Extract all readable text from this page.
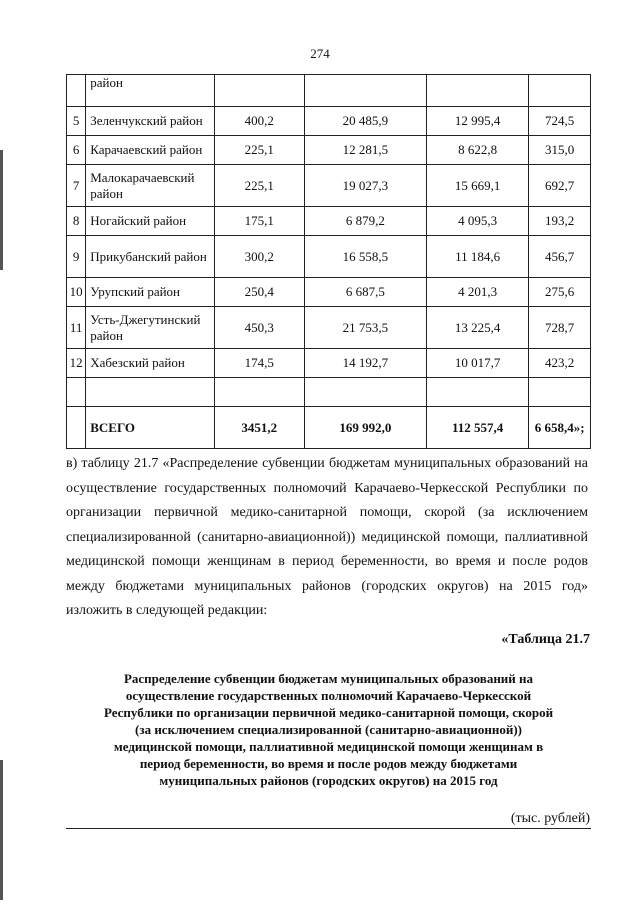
274
	район				
5	Зеленчукский район	400,2	20 485,9	12 995,4	724,5
6	Карачаевский район	225,1	12 281,5	8 622,8	315,0
7	Малокарачаевский район	225,1	19 027,3	15 669,1	692,7
8	Ногайский район	175,1	6 879,2	4 095,3	193,2
9	Прикубанский район	300,2	16 558,5	11 184,6	456,7
10	Урупский район	250,4	6 687,5	4 201,3	275,6
11	Усть-Джегутинский район	450,3	21 753,5	13 225,4	728,7
12	Хабезский район	174,5	14 192,7	10 017,7	423,2

	ВСЕГО	3451,2	169 992,0	112 557,4	6 658,4»;

в) таблицу 21.7 «Распределение субвенции бюджетам муниципальных образований на осуществление государственных полномочий Карачаево-Черкесской Республики по организации первичной медико-санитарной помощи, скорой (за исключением специализированной (санитарно-авиационной)) медицинской помощи, паллиативной медицинской помощи женщинам в период беременности, во время и после родов между бюджетами муниципальных районов (городских округов) на 2015 год» изложить в следующей редакции:

«Таблица 21.7
Распределение субвенции бюджетам муниципальных образований на
осуществление государственных полномочий Карачаево-Черкесской
Республики по организации первичной медико-санитарной помощи, скорой
(за исключением специализированной (санитарно-авиационной))
медицинской помощи, паллиативной медицинской помощи женщинам в
период беременности, во время и после родов между бюджетами
муниципальных районов (городских округов) на 2015 год
(тыс. рублей)
